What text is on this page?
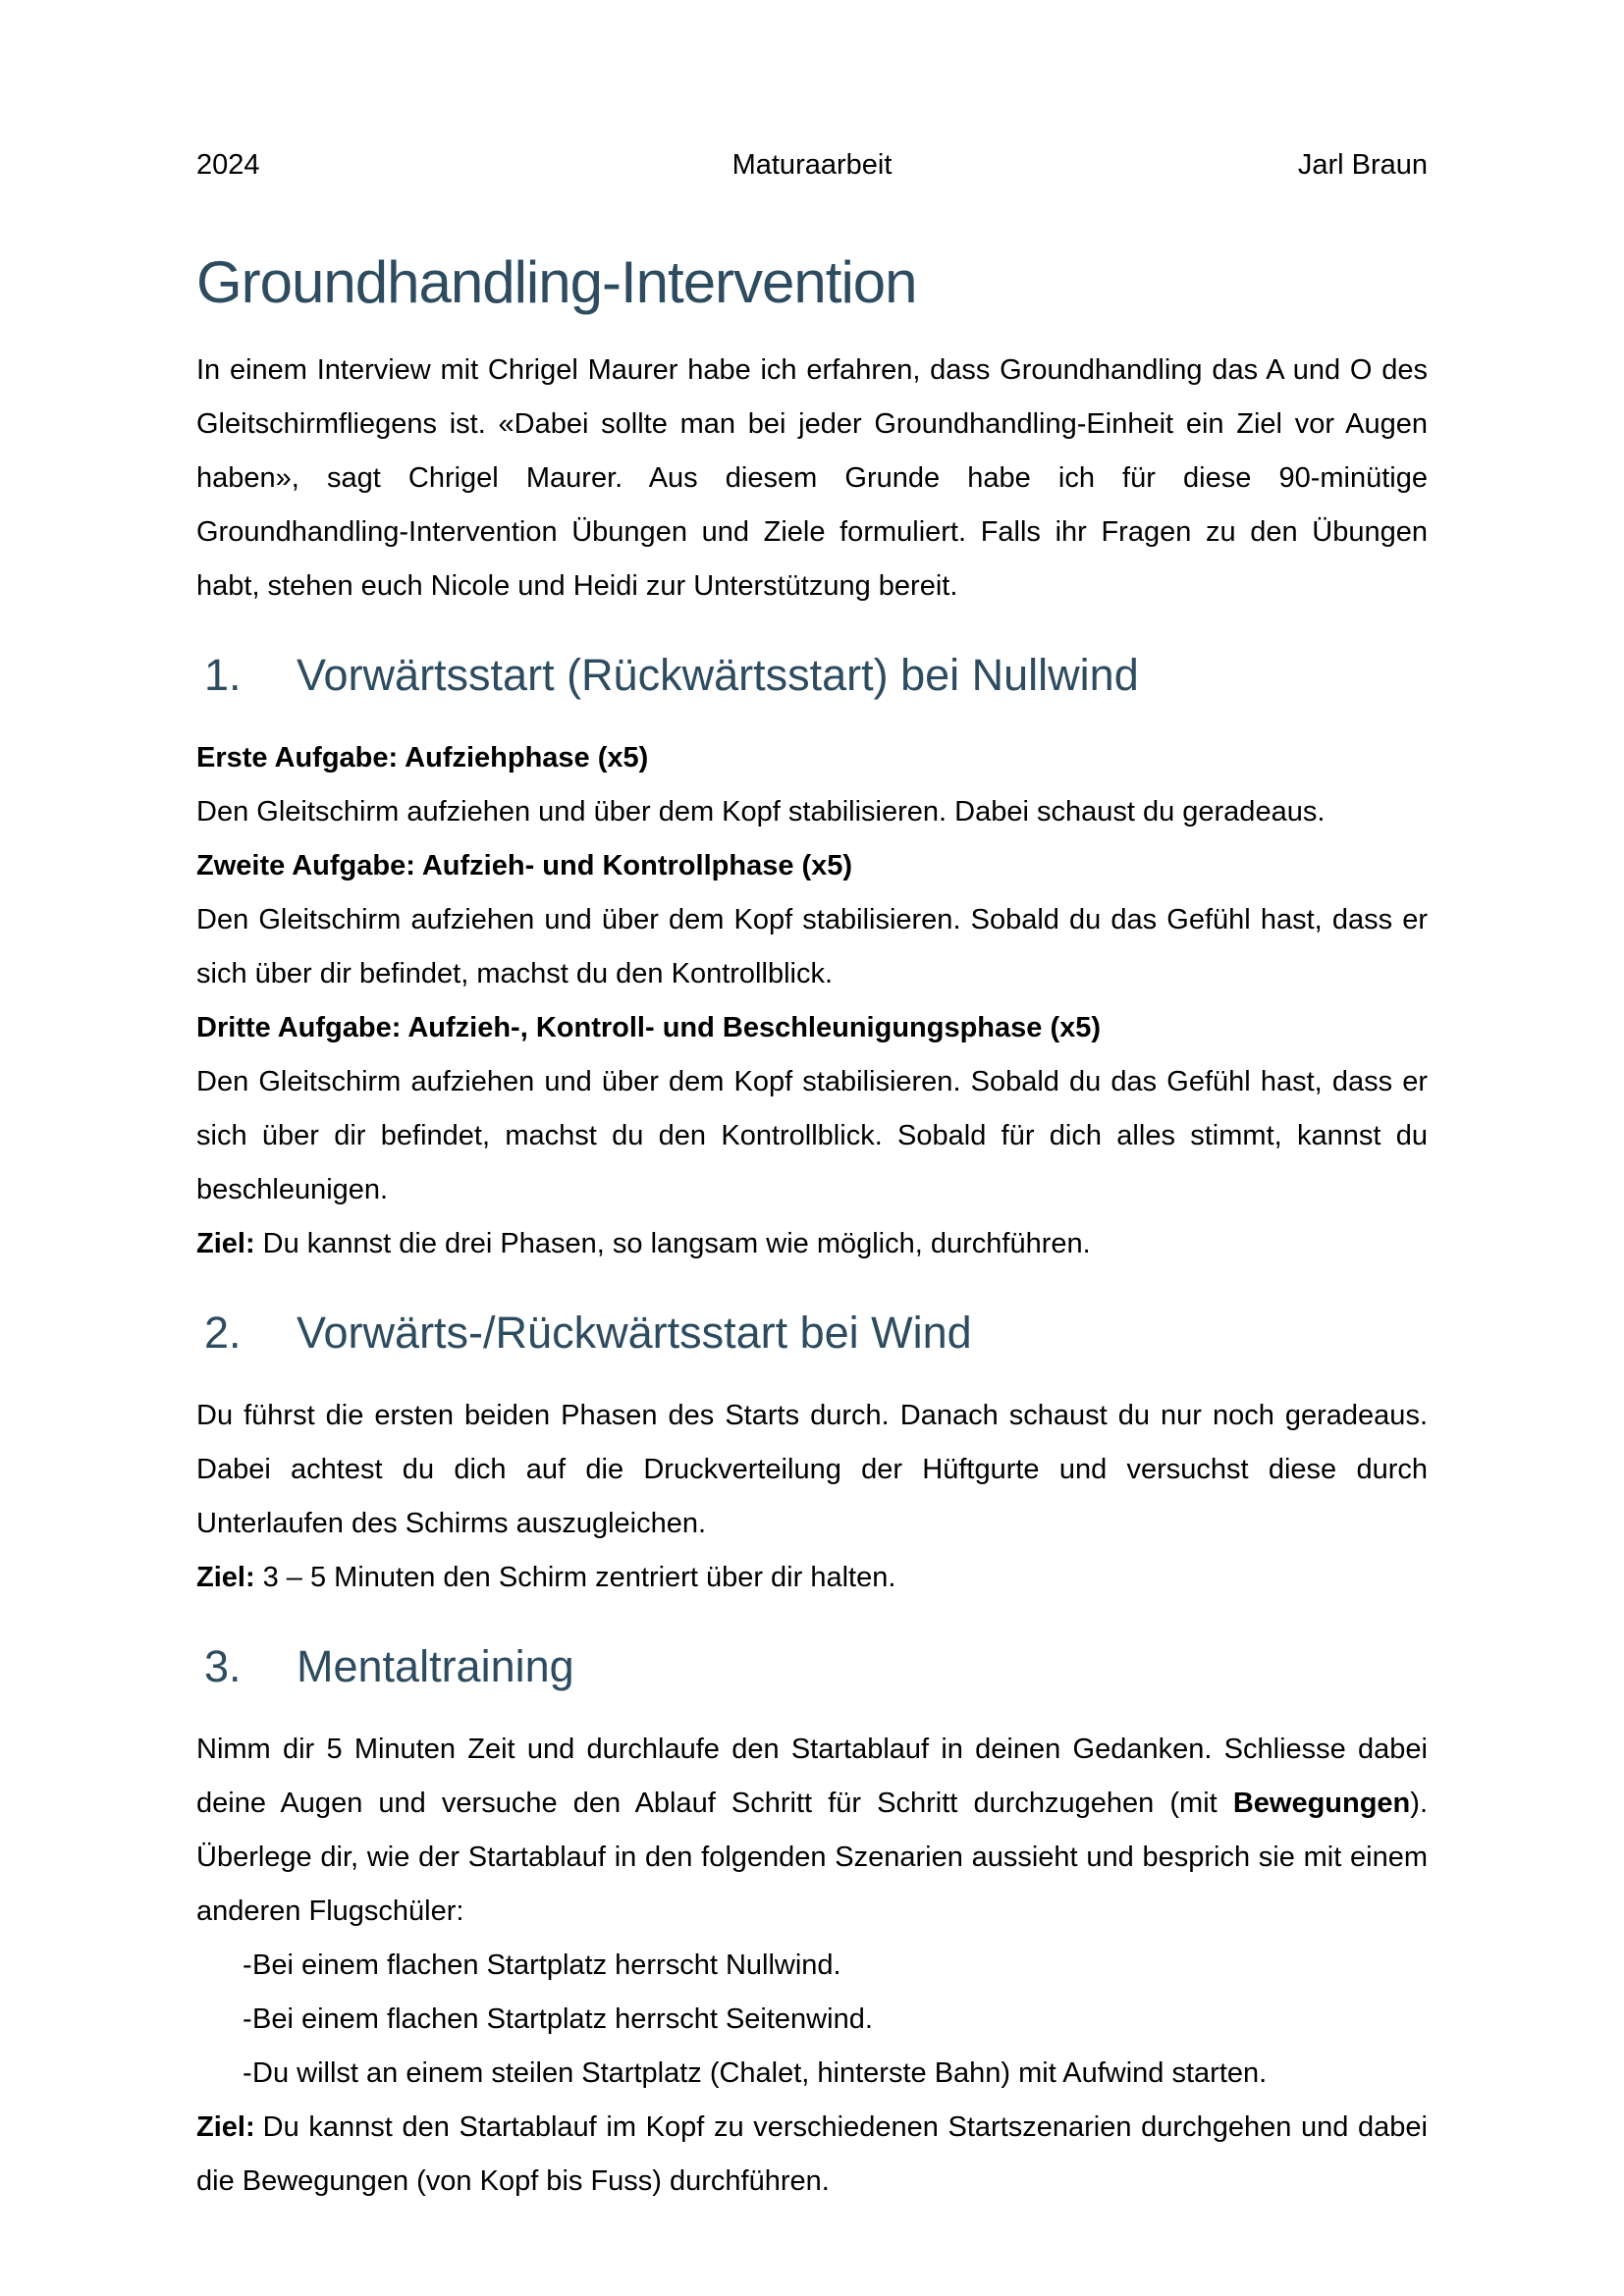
2024	Maturaarbeit	Jarl Braun
Groundhandling-Intervention

In einem Interview mit Chrigel Maurer habe ich erfahren, dass Groundhandling das A und O des Gleitschirmfliegens ist. «Dabei sollte man bei jeder Groundhandling-Einheit ein Ziel vor Augen haben», sagt Chrigel Maurer. Aus diesem Grunde habe ich für diese 90-minütige Groundhandling-Intervention Übungen und Ziele formuliert. Falls ihr Fragen zu den Übungen habt, stehen euch Nicole und Heidi zur Unterstützung bereit.

1.	Vorwärtsstart (Rückwärtsstart) bei Nullwind

Erste Aufgabe: Aufziehphase (x5)

Den Gleitschirm aufziehen und über dem Kopf stabilisieren. Dabei schaust du geradeaus.

Zweite Aufgabe: Aufzieh- und Kontrollphase (x5)

Den Gleitschirm aufziehen und über dem Kopf stabilisieren. Sobald du das Gefühl hast, dass er sich über dir befindet, machst du den Kontrollblick.

Dritte Aufgabe: Aufzieh-, Kontroll- und Beschleunigungsphase (x5)

Den Gleitschirm aufziehen und über dem Kopf stabilisieren. Sobald du das Gefühl hast, dass er sich über dir befindet, machst du den Kontrollblick. Sobald für dich alles stimmt, kannst du beschleunigen.

Ziel: Du kannst die drei Phasen, so langsam wie möglich, durchführen.

2.	Vorwärts-/Rückwärtsstart bei Wind

Du führst die ersten beiden Phasen des Starts durch. Danach schaust du nur noch geradeaus. Dabei achtest du dich auf die Druckverteilung der Hüftgurte und versuchst diese durch Unterlaufen des Schirms auszugleichen.

Ziel: 3 – 5 Minuten den Schirm zentriert über dir halten.

3.	Mentaltraining

Nimm dir 5 Minuten Zeit und durchlaufe den Startablauf in deinen Gedanken. Schliesse dabei deine Augen und versuche den Ablauf Schritt für Schritt durchzugehen (mit Bewegungen). Überlege dir, wie der Startablauf in den folgenden Szenarien aussieht und besprich sie mit einem anderen Flugschüler:

- Bei einem flachen Startplatz herrscht Nullwind.
- Bei einem flachen Startplatz herrscht Seitenwind.
- Du willst an einem steilen Startplatz (Chalet, hinterste Bahn) mit Aufwind starten.

Ziel: Du kannst den Startablauf im Kopf zu verschiedenen Startszenarien durchgehen und dabei die Bewegungen (von Kopf bis Fuss) durchführen.
